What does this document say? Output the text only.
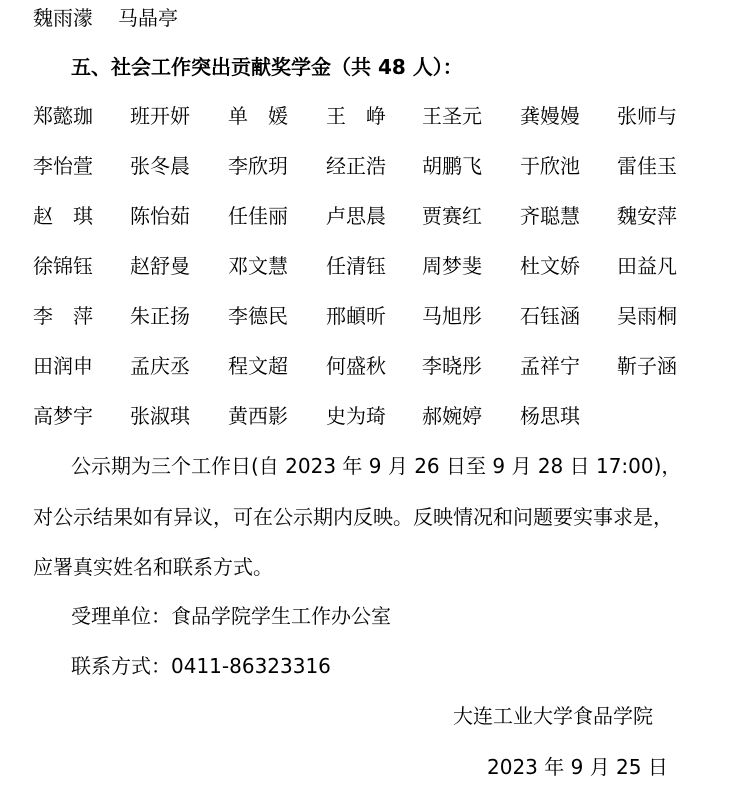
魏雨濛 马晶亭
五、社会工作突出贡献奖学金（共 48 人）：
郑懿珈 班开妍 单　媛 王　峥 王圣元 龚嫚嫚 张师与
李怡萱 张冬晨 李欣玥 经正浩 胡鹏飞 于欣池 雷佳玉
赵　琪 陈怡茹 任佳丽 卢思晨 贾赛红 齐聪慧 魏安萍
徐锦钰 赵舒曼 邓文慧 任清钰 周梦斐 杜文娇 田益凡
李　萍 朱正扬 李德民 邢頔昕 马旭彤 石钰涵 吴雨桐
田润申 孟庆丞 程文超 何盛秋 李晓彤 孟祥宁 靳子涵
高梦宇 张淑琪 黄西影 史为琦 郝婉婷 杨思琪
公示期为三个工作日(自 2023 年 9 月 26 日至 9 月 28 日 17:00)，
对公示结果如有异议，可在公示期内反映。反映情况和问题要实事求是，
应署真实姓名和联系方式。
受理单位：食品学院学生工作办公室
联系方式：0411-86323316
大连工业大学食品学院
2023 年 9 月 25 日
